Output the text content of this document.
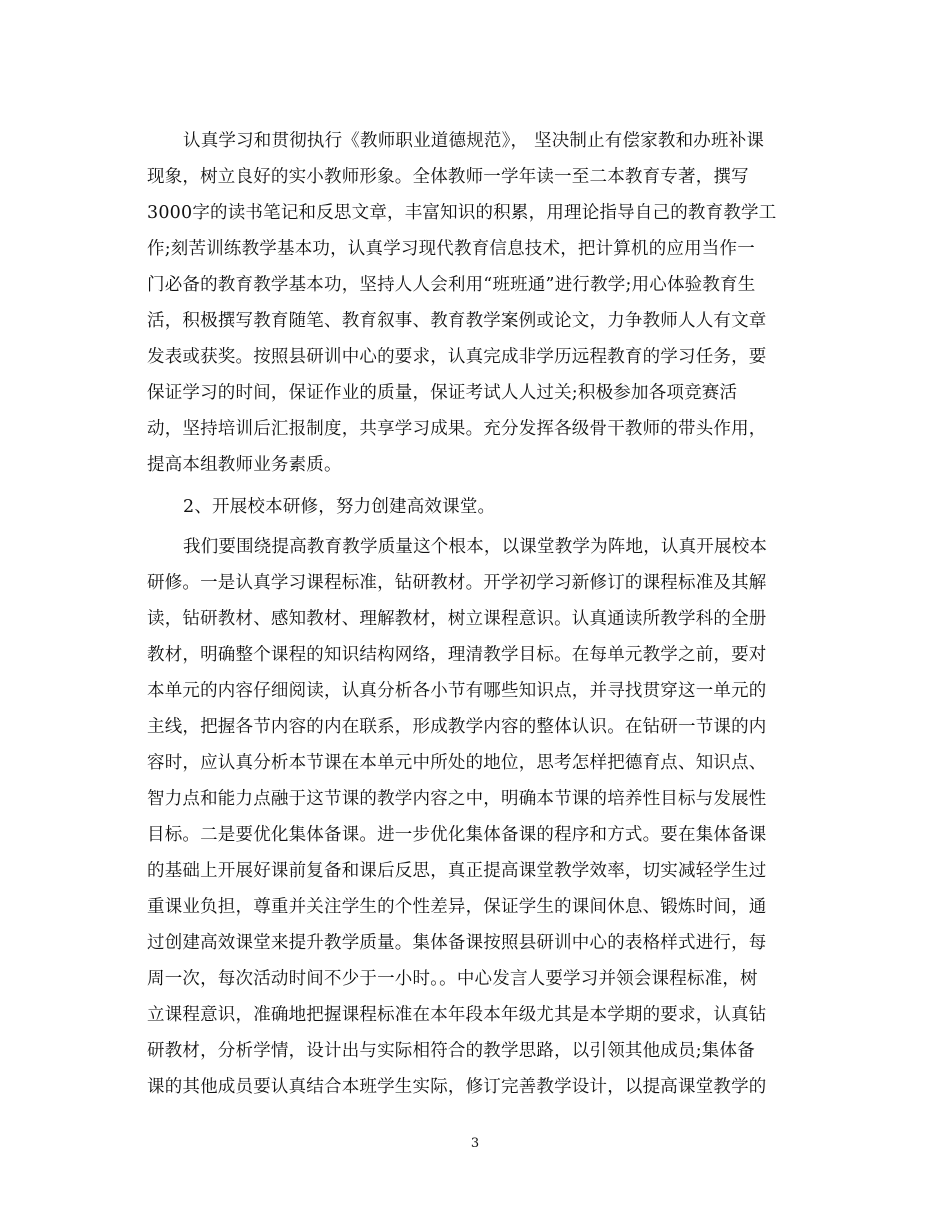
认真学习和贯彻执行《教师职业道德规范》， 坚决制止有偿家教和办班补课
现象，树立良好的实小教师形象。全体教师一学年读一至二本教育专著，撰写
3000字的读书笔记和反思文章，丰富知识的积累，用理论指导自己的教育教学工
作;刻苦训练教学基本功，认真学习现代教育信息技术，把计算机的应用当作一
门必备的教育教学基本功，坚持人人会利用“班班通”进行教学;用心体验教育生
活，积极撰写教育随笔、教育叙事、教育教学案例或论文，力争教师人人有文章
发表或获奖。按照县研训中心的要求，认真完成非学历远程教育的学习任务，要
保证学习的时间，保证作业的质量，保证考试人人过关;积极参加各项竞赛活
动，坚持培训后汇报制度，共享学习成果。充分发挥各级骨干教师的带头作用，
提高本组教师业务素质。
2、开展校本研修，努力创建高效课堂。
我们要围绕提高教育教学质量这个根本，以课堂教学为阵地，认真开展校本
研修。一是认真学习课程标准，钻研教材。开学初学习新修订的课程标准及其解
读，钻研教材、感知教材、理解教材，树立课程意识。认真通读所教学科的全册
教材，明确整个课程的知识结构网络，理清教学目标。在每单元教学之前，要对
本单元的内容仔细阅读，认真分析各小节有哪些知识点，并寻找贯穿这一单元的
主线，把握各节内容的内在联系，形成教学内容的整体认识。在钻研一节课的内
容时，应认真分析本节课在本单元中所处的地位，思考怎样把德育点、知识点、
智力点和能力点融于这节课的教学内容之中，明确本节课的培养性目标与发展性
目标。二是要优化集体备课。进一步优化集体备课的程序和方式。要在集体备课
的基础上开展好课前复备和课后反思，真正提高课堂教学效率，切实减轻学生过
重课业负担，尊重并关注学生的个性差异，保证学生的课间休息、锻炼时间，通
过创建高效课堂来提升教学质量。集体备课按照县研训中心的表格样式进行，每
周一次，每次活动时间不少于一小时。。中心发言人要学习并领会课程标准，树
立课程意识，准确地把握课程标准在本年段本年级尤其是本学期的要求，认真钻
研教材，分析学情，设计出与实际相符合的教学思路，以引领其他成员;集体备
课的其他成员要认真结合本班学生实际，修订完善教学设计，以提高课堂教学的
3
